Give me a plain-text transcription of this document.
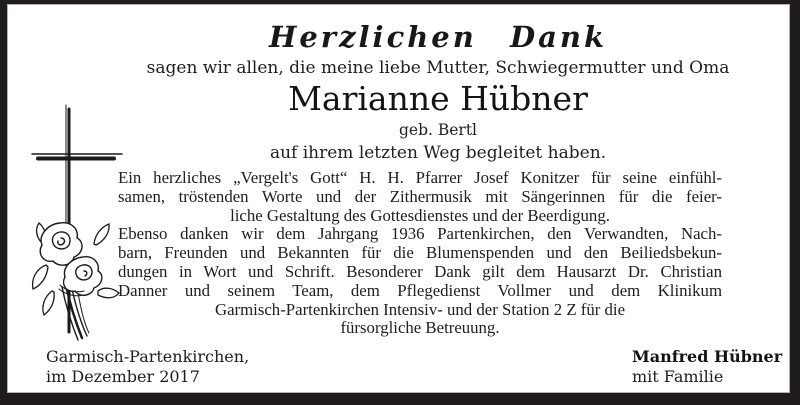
Herzlichen Dank
sagen wir allen, die meine liebe Mutter, Schwiegermutter und Oma
Marianne Hübner
geb. Bertl
auf ihrem letzten Weg begleitet haben.
Ein herzliches „Vergelt's Gott“ H. H. Pfarrer Josef Konitzer für seine einfühl-
samen, tröstenden Worte und der Zithermusik mit Sängerinnen für die feier-
liche Gestaltung des Gottesdienstes und der Beerdigung.
Ebenso danken wir dem Jahrgang 1936 Partenkirchen, den Verwandten, Nach-
barn, Freunden und Bekannten für die Blumenspenden und den Beiliedsbekun-
dungen in Wort und Schrift. Besonderer Dank gilt dem Hausarzt Dr. Christian
Danner und seinem Team, dem Pflegedienst Vollmer und dem Klinikum
Garmisch-Partenkirchen Intensiv- und der Station 2 Z für die
fürsorgliche Betreuung.
Garmisch-Partenkirchen,
im Dezember 2017
Manfred Hübner
mit Familie
